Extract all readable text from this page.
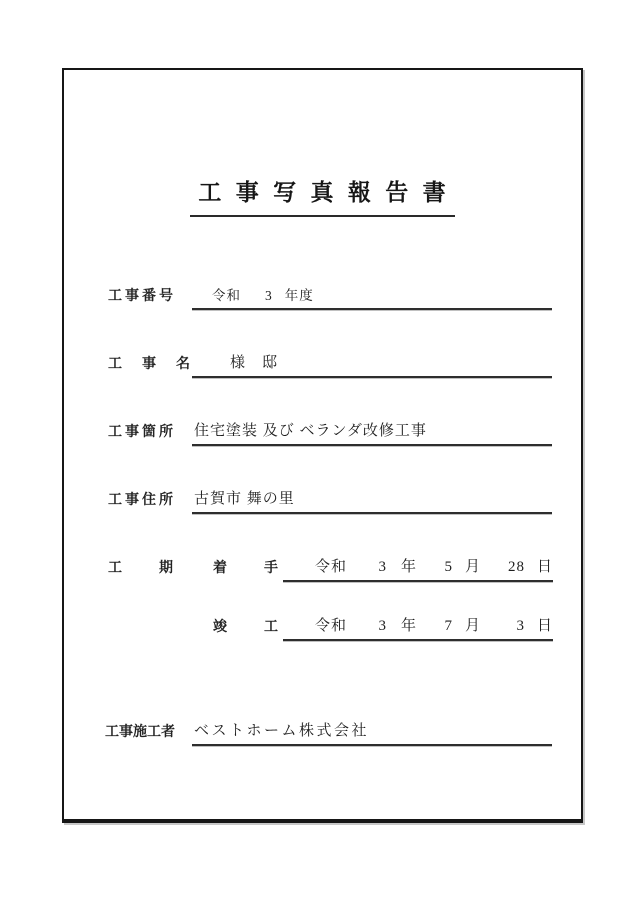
工 事 写 真 報 告 書
工事番号	令和 3 年度
工　事　名	様　邸
工事箇所 住宅塗装 及び ベランダ改修工事
工事住所 古賀市 舞の里
工　　期	着　　手 令和 3 年	5 月	28 日
竣　　工 令和 3 年	7 月	3 日
工事施工者 ベストホーム株式会社
